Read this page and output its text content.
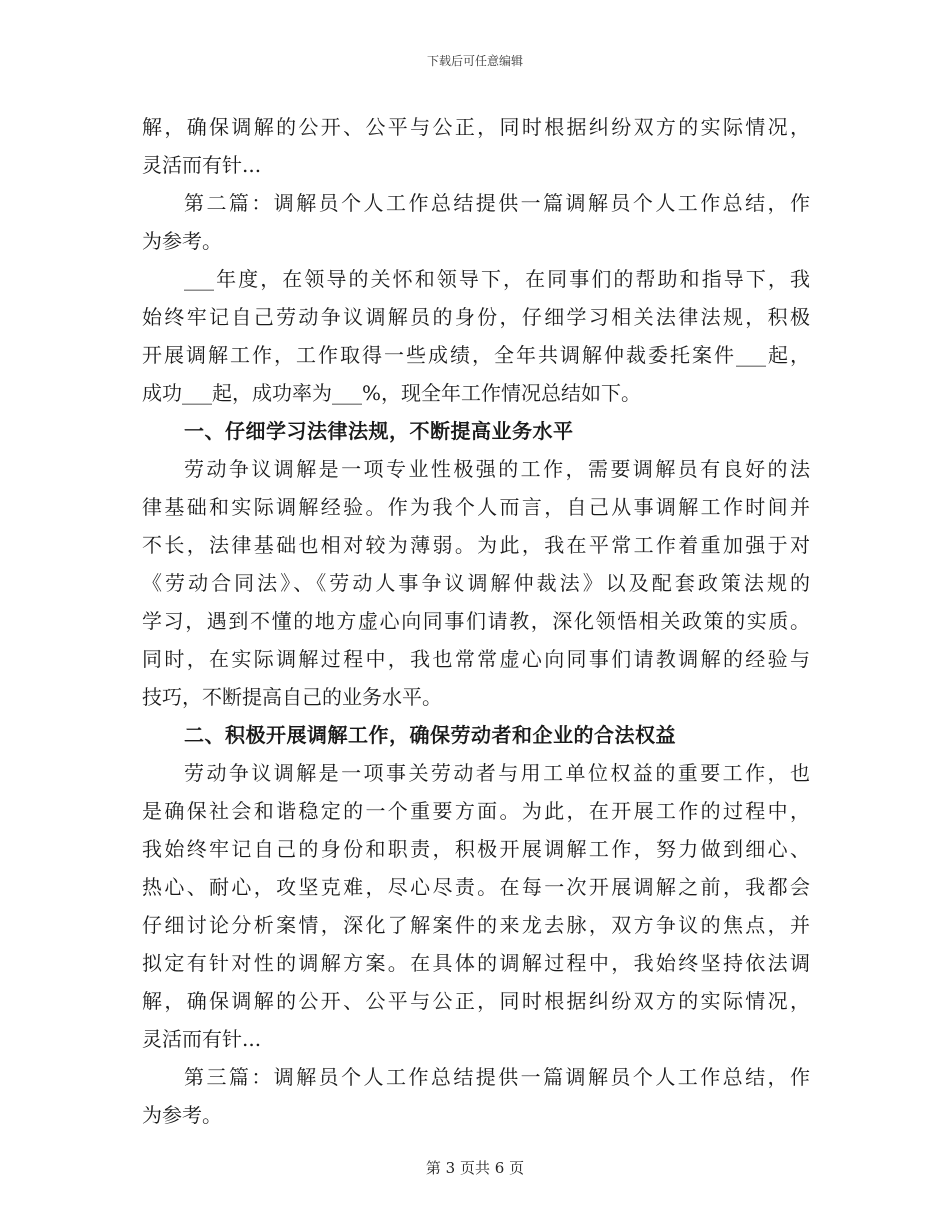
下载后可任意编辑
解，确保调解的公开、公平与公正，同时根据纠纷双方的实际情况，
灵活而有针...
第二篇：调解员个人工作总结提供一篇调解员个人工作总结，作
为参考。
___年度，在领导的关怀和领导下，在同事们的帮助和指导下，我
始终牢记自己劳动争议调解员的身份，仔细学习相关法律法规，积极
开展调解工作，工作取得一些成绩，全年共调解仲裁委托案件___起，
成功___起，成功率为___%，现全年工作情况总结如下。
一、仔细学习法律法规，不断提高业务水平
劳动争议调解是一项专业性极强的工作，需要调解员有良好的法
律基础和实际调解经验。作为我个人而言，自己从事调解工作时间并
不长，法律基础也相对较为薄弱。为此，我在平常工作着重加强于对
《劳动合同法》、《劳动人事争议调解仲裁法》以及配套政策法规的
学习，遇到不懂的地方虚心向同事们请教，深化领悟相关政策的实质。
同时，在实际调解过程中，我也常常虚心向同事们请教调解的经验与
技巧，不断提高自己的业务水平。
二、积极开展调解工作，确保劳动者和企业的合法权益
劳动争议调解是一项事关劳动者与用工单位权益的重要工作，也
是确保社会和谐稳定的一个重要方面。为此，在开展工作的过程中，
我始终牢记自己的身份和职责，积极开展调解工作，努力做到细心、
热心、耐心，攻坚克难，尽心尽责。在每一次开展调解之前，我都会
仔细讨论分析案情，深化了解案件的来龙去脉，双方争议的焦点，并
拟定有针对性的调解方案。在具体的调解过程中，我始终坚持依法调
解，确保调解的公开、公平与公正，同时根据纠纷双方的实际情况，
灵活而有针...
第三篇：调解员个人工作总结提供一篇调解员个人工作总结，作
为参考。
第 3 页共 6 页
